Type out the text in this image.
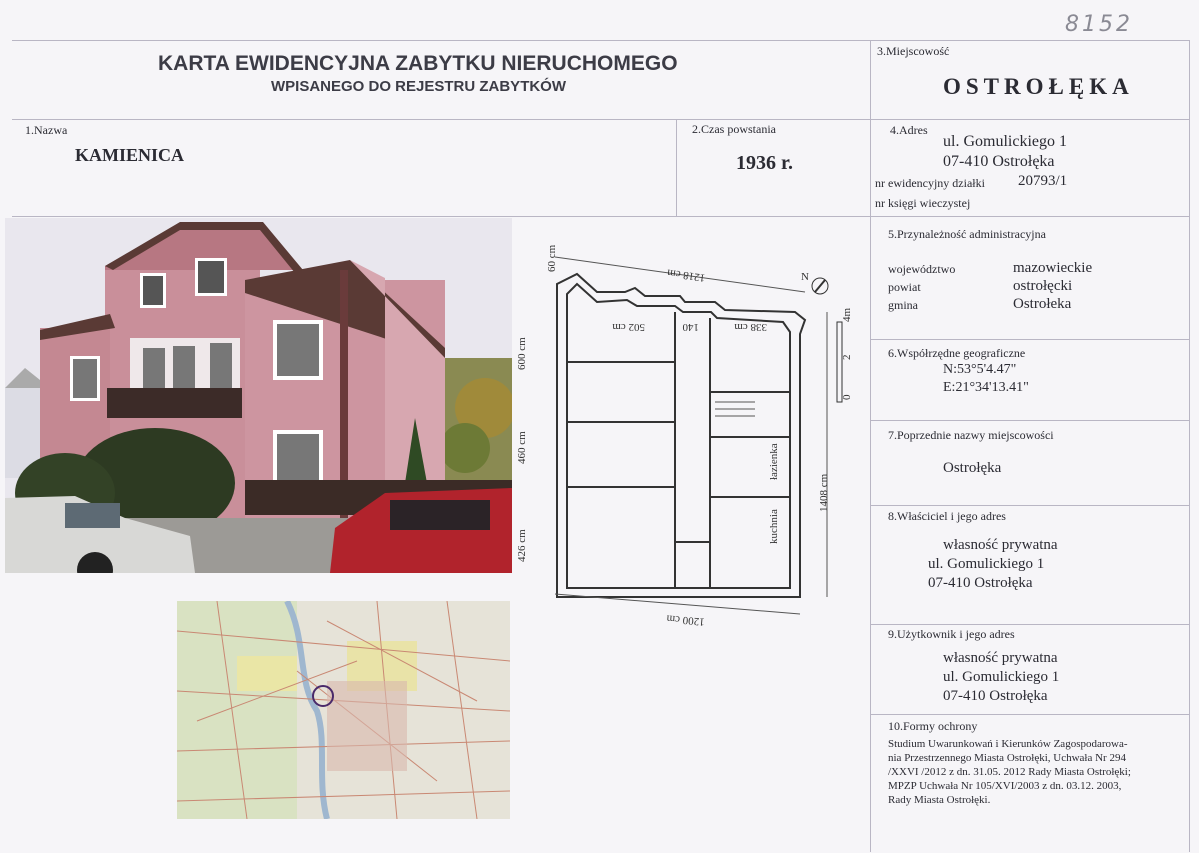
8152
KARTA EWIDENCYJNA ZABYTKU NIERUCHOMEGO
WPISANEGO DO REJESTRU ZABYTKÓW
3.Miejscowość
OSTROŁĘKA
1.Nazwa
KAMIENICA
2.Czas powstania
1936 r.
4.Adres
ul. Gomulickiego 1
07-410 Ostrołęka
nr ewidencyjny działki 20793/1
nr księgi wieczystej
1218 cm
1200 cm
60 cm
600 cm
460 cm
426 cm
1408 cm
502 cm	140	338 cm
łazienka
kuchnia
0
2
4m
N
5.Przynależność administracyjna
województwo	mazowieckie
powiat	ostrołęcki
gmina	Ostrołeka
6.Współrzędne geograficzne
N:53°5'4.47"
E:21°34'13.41"
7.Poprzednie nazwy miejscowości
Ostrołęka
8.Właściciel i jego adres
własność prywatna
ul. Gomulickiego 1
07-410 Ostrołęka
9.Użytkownik i jego adres
własność prywatna
ul. Gomulickiego 1
07-410 Ostrołęka
10.Formy ochrony
Studium Uwarunkowań i Kierunków Zagospodarowa-
nia Przestrzennego Miasta Ostrołęki, Uchwała Nr 294
/XXVI /2012 z dn. 31.05. 2012 Rady Miasta Ostrołęki;
MPZP Uchwała Nr 105/XVI/2003 z dn. 03.12. 2003,
Rady Miasta Ostrołęki.
